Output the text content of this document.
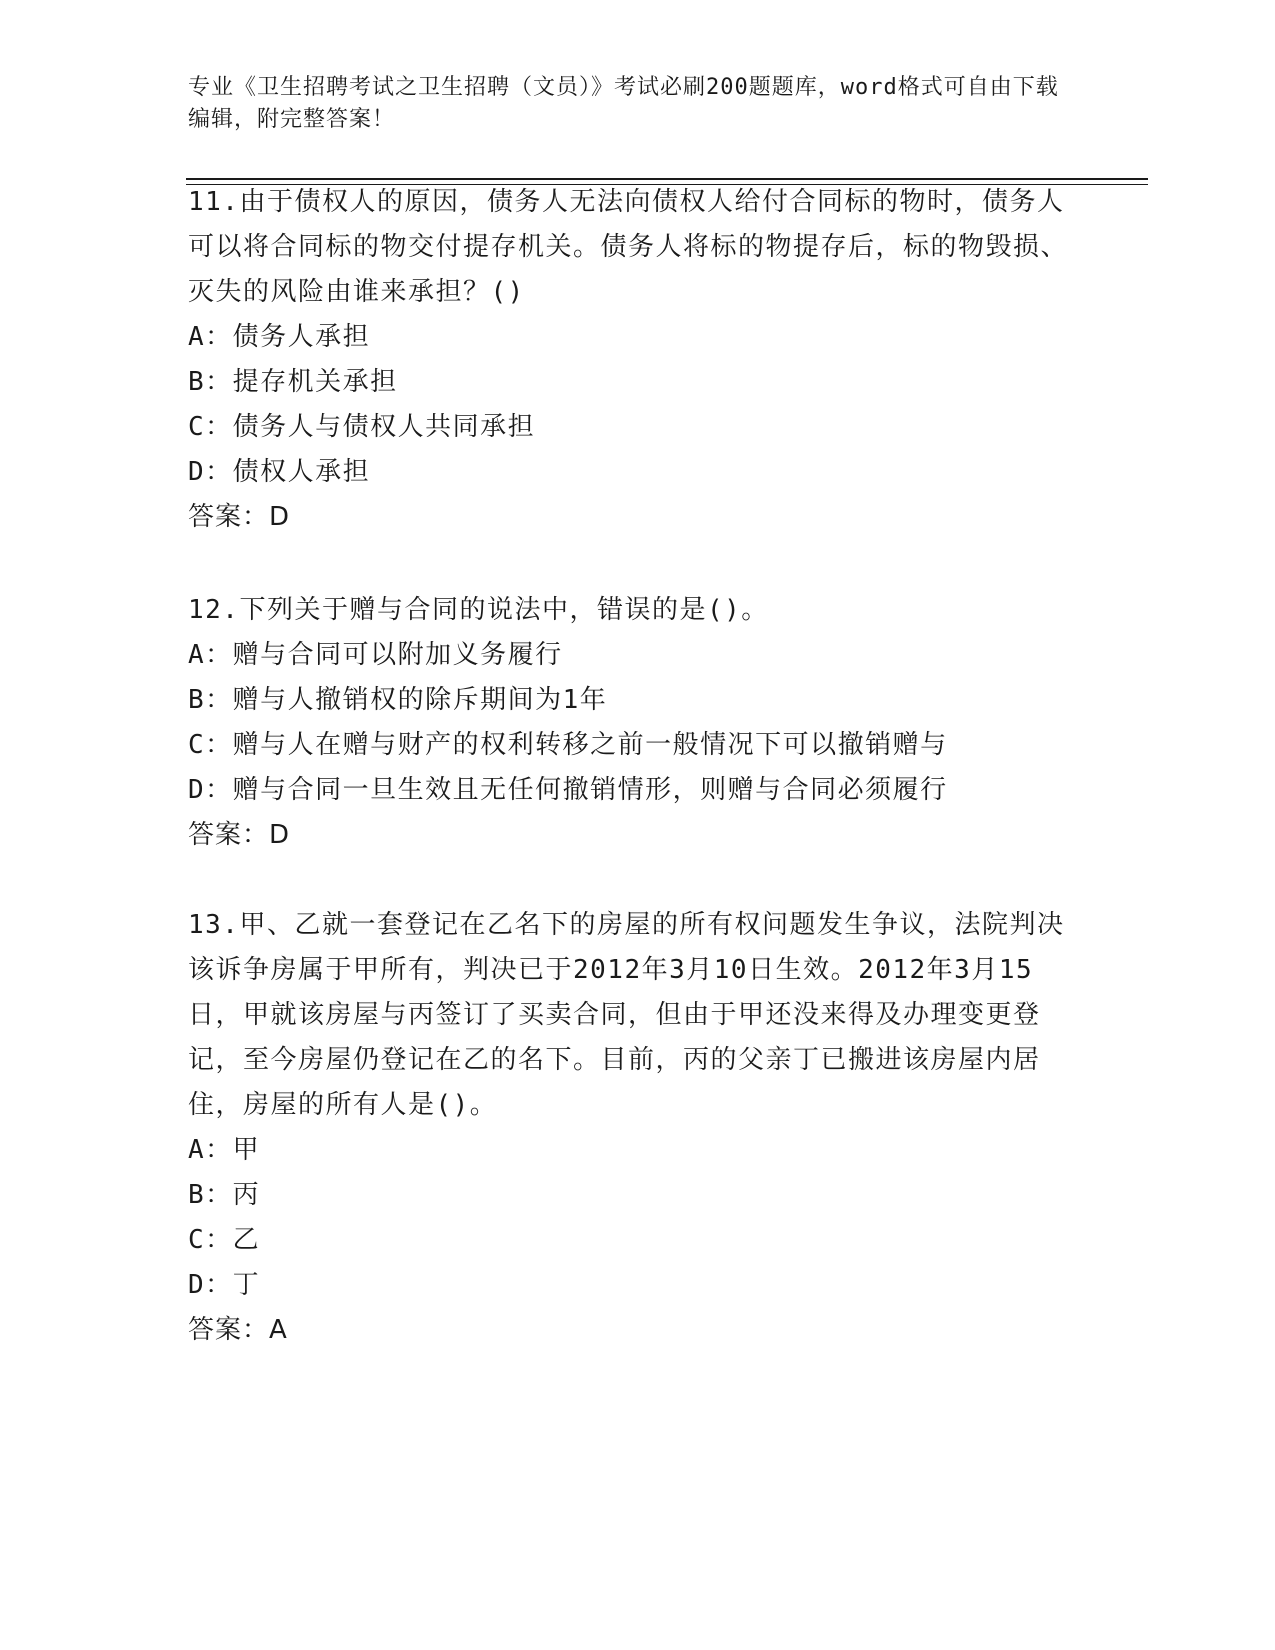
专业《卫生招聘考试之卫生招聘（文员）》考试必刷200题题库，word格式可自由下载编辑，附完整答案！

11.由于债权人的原因，债务人无法向债权人给付合同标的物时，债务人可以将合同标的物交付提存机关。债务人将标的物提存后，标的物毁损、灭失的风险由谁来承担？()

A：债务人承担

B：提存机关承担

C：债务人与债权人共同承担

D：债权人承担

答案：D

12.下列关于赠与合同的说法中，错误的是()。

A：赠与合同可以附加义务履行

B：赠与人撤销权的除斥期间为1年

C：赠与人在赠与财产的权利转移之前一般情况下可以撤销赠与

D：赠与合同一旦生效且无任何撤销情形，则赠与合同必须履行

答案：D

13.甲、乙就一套登记在乙名下的房屋的所有权问题发生争议，法院判决该诉争房属于甲所有，判决已于2012年3月10日生效。2012年3月15日，甲就该房屋与丙签订了买卖合同，但由于甲还没来得及办理变更登记，至今房屋仍登记在乙的名下。目前，丙的父亲丁已搬进该房屋内居住，房屋的所有人是()。

A：甲

B：丙

C：乙

D：丁

答案：A
